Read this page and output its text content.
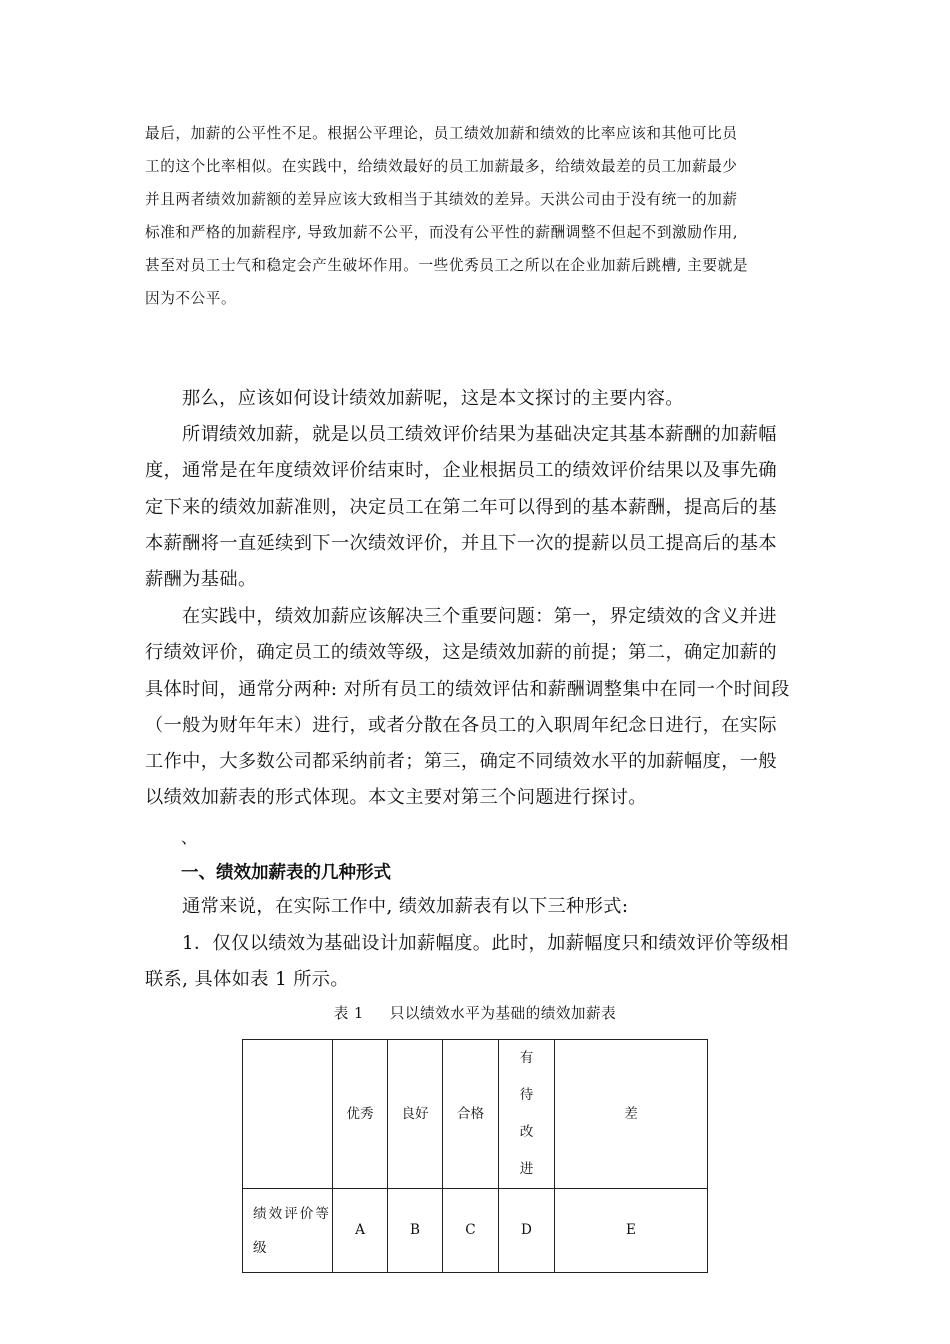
最后，加薪的公平性不足。根据公平理论，员工绩效加薪和绩效的比率应该和其他可比员
工的这个比率相似。在实践中，给绩效最好的员工加薪最多，给绩效最差的员工加薪最少
并且两者绩效加薪额的差异应该大致相当于其绩效的差异。天洪公司由于没有统一的加薪
标准和严格的加薪程序, 导致加薪不公平，而没有公平性的薪酬调整不但起不到激励作用,
甚至对员工士气和稳定会产生破坏作用。一些优秀员工之所以在企业加薪后跳槽, 主要就是
因为不公平。

那么，应该如何设计绩效加薪呢，这是本文探讨的主要内容。

所谓绩效加薪，就是以员工绩效评价结果为基础决定其基本薪酬的加薪幅
度，通常是在年度绩效评价结束时，企业根据员工的绩效评价结果以及事先确
定下来的绩效加薪准则，决定员工在第二年可以得到的基本薪酬，提高后的基
本薪酬将一直延续到下一次绩效评价，并且下一次的提薪以员工提高后的基本
薪酬为基础。

在实践中，绩效加薪应该解决三个重要问题：第一，界定绩效的含义并进
行绩效评价，确定员工的绩效等级，这是绩效加薪的前提；第二，确定加薪的
具体时间，通常分两种: 对所有员工的绩效评估和薪酬调整集中在同一个时间段
（一般为财年年末）进行，或者分散在各员工的入职周年纪念日进行，在实际
工作中，大多数公司都采纳前者；第三，确定不同绩效水平的加薪幅度，一般
以绩效加薪表的形式体现。本文主要对第三个问题进行探讨。

、
一、绩效加薪表的几种形式

通常来说，在实际工作中, 绩效加薪表有以下三种形式:

1．仅仅以绩效为基础设计加薪幅度。此时，加薪幅度只和绩效评价等级相
联系, 具体如表 1 所示。

表 1 只以绩效水平为基础的绩效加薪表
	优秀	良好	合格	有待改进	差
绩效评价等级	A	B	C	D	E
